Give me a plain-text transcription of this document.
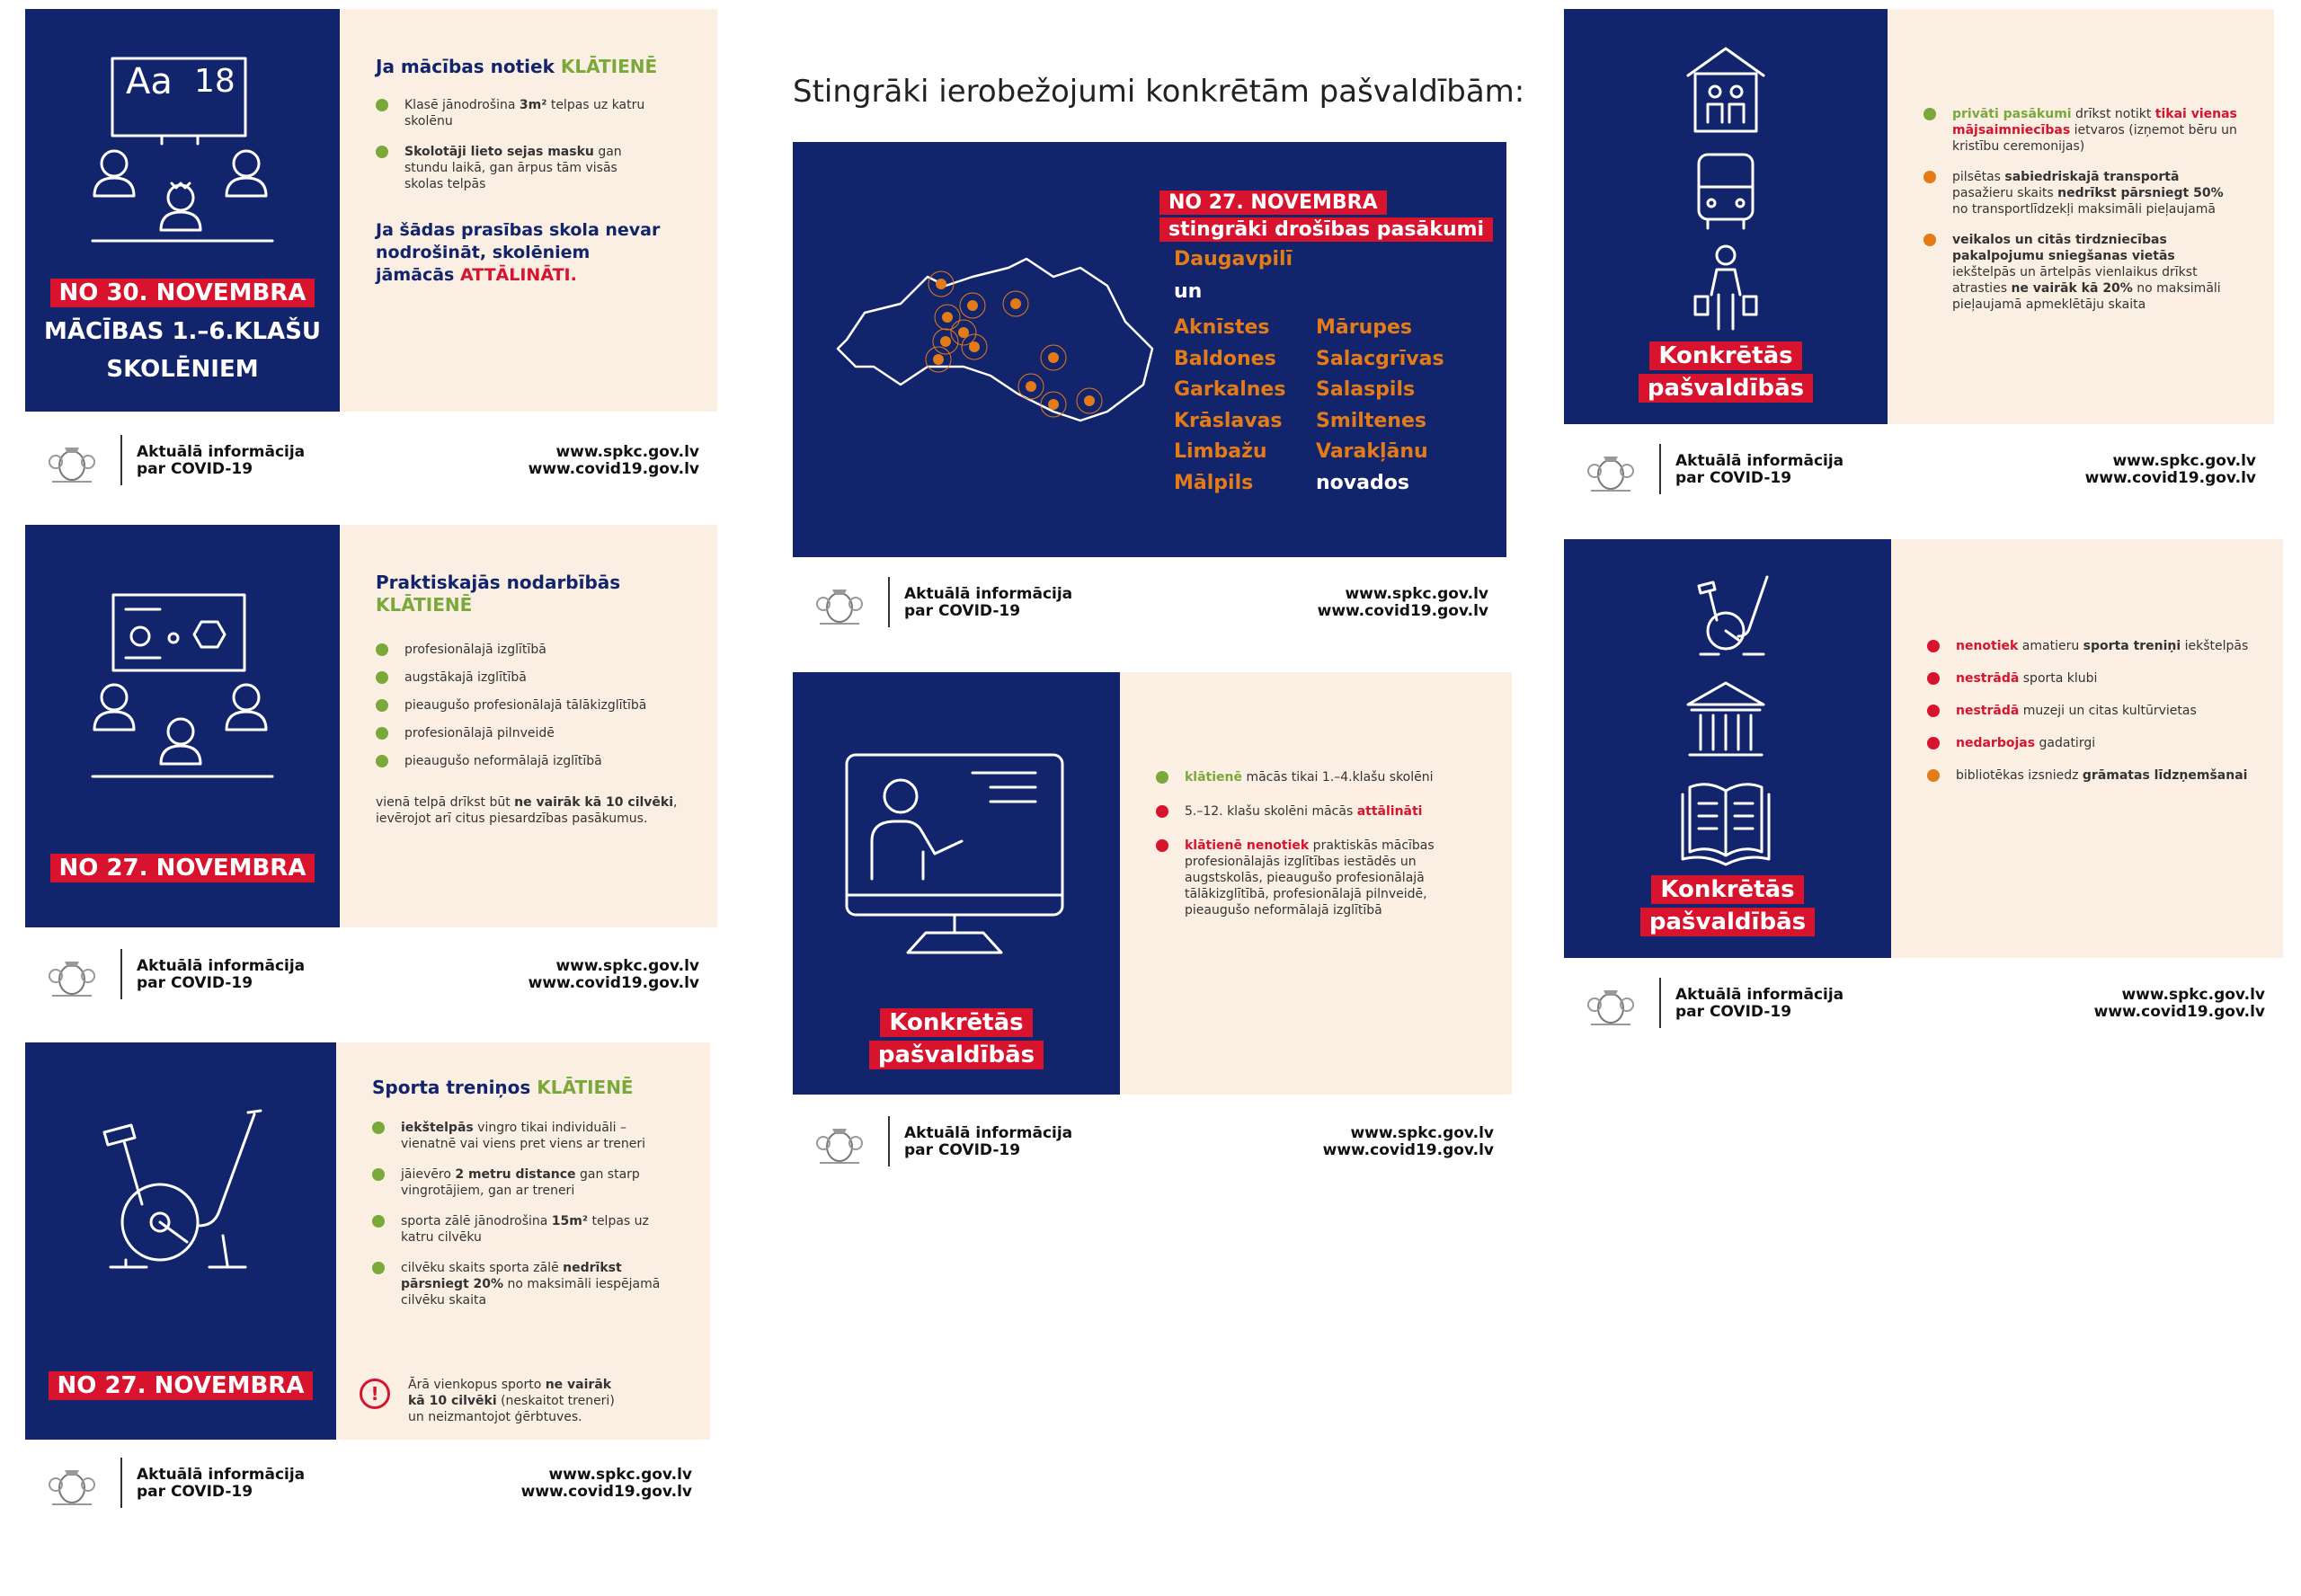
Stingrāki ierobežojumi konkrētām pašvaldībām:
Aa 18
NO 30. NOVEMBRA
MĀCĪBAS 1.–6.KLAŠU
SKOLĒNIEM
Ja mācības notiek KLĀTIENĒ
Klasē jānodrošina 3m² telpas uz katru skolēnu
Skolotāji lieto sejas masku gan stundu laikā, gan ārpus tām visās skolas telpās
Ja šādas prasības skola nevar nodrošināt, skolēniem jāmācās ATTĀLINĀTI.
Aktuālā informācija
par COVID-19
www.spkc.gov.lv
www.covid19.gov.lv
NO 27. NOVEMBRA
Praktiskajās nodarbībās
KLĀTIENĒ
profesionālajā izglītībā
augstākajā izglītībā
pieaugušo profesionālajā tālākizglītībā
profesionālajā pilnveidē
pieaugušo neformālajā izglītībā
vienā telpā drīkst būt ne vairāk kā 10 cilvēki, ievērojot arī citus piesardzības pasākumus.
Aktuālā informācija
par COVID-19
www.spkc.gov.lv
www.covid19.gov.lv
NO 27. NOVEMBRA
Sporta treniņos KLĀTIENĒ
iekštelpās vingro tikai individuāli – vienatnē vai viens pret viens ar treneri
jāievēro 2 metru distance gan starp vingrotājiem, gan ar treneri
sporta zālē jānodrošina 15m² telpas uz katru cilvēku
cilvēku skaits sporta zālē nedrīkst pārsniegt 20% no maksimāli iespējamā cilvēku skaita
!	Ārā vienkopus sporto ne vairāk kā 10 cilvēki (neskaitot treneri) un neizmantojot ģērbtuves.
Aktuālā informācija
par COVID-19
www.spkc.gov.lv
www.covid19.gov.lv
NO 27. NOVEMBRA
stingrāki drošības pasākumi
Daugavpilī
un
Aknīstes
Baldones
Garkalnes
Krāslavas
Limbažu
Mālpils
Mārupes
Salacgrīvas
Salaspils
Smiltenes
Varakļānu
novados
Aktuālā informācija
par COVID-19
www.spkc.gov.lv
www.covid19.gov.lv
Konkrētās
pašvaldībās
klātienē mācās tikai 1.–4.klašu skolēni
5.–12. klašu skolēni mācās attālināti
klātienē nenotiek praktiskās mācības profesionālajās izglītības iestādēs un augstskolās, pieaugušo profesionālajā tālākizglītībā, profesionālajā pilnveidē, pieaugušo neformālajā izglītībā
Aktuālā informācija
par COVID-19
www.spkc.gov.lv
www.covid19.gov.lv
Konkrētās
pašvaldībās
privāti pasākumi drīkst notikt tikai vienas mājsaimniecības ietvaros (izņemot bēru un kristību ceremonijas)
pilsētas sabiedriskajā transportā pasažieru skaits nedrīkst pārsniegt 50% no transportlīdzekļi maksimāli pieļaujamā
veikalos un citās tirdzniecības pakalpojumu sniegšanas vietās iekštelpās un ārtelpās vienlaikus drīkst atrasties ne vairāk kā 20% no maksimāli pieļaujamā apmeklētāju skaita
Aktuālā informācija
par COVID-19
www.spkc.gov.lv
www.covid19.gov.lv
Konkrētās
pašvaldībās
nenotiek amatieru sporta treniņi iekštelpās
nestrādā sporta klubi
nestrādā muzeji un citas kultūrvietas
nedarbojas gadatirgi
bibliotēkas izsniedz grāmatas līdzņemšanai
Aktuālā informācija
par COVID-19
www.spkc.gov.lv
www.covid19.gov.lv
